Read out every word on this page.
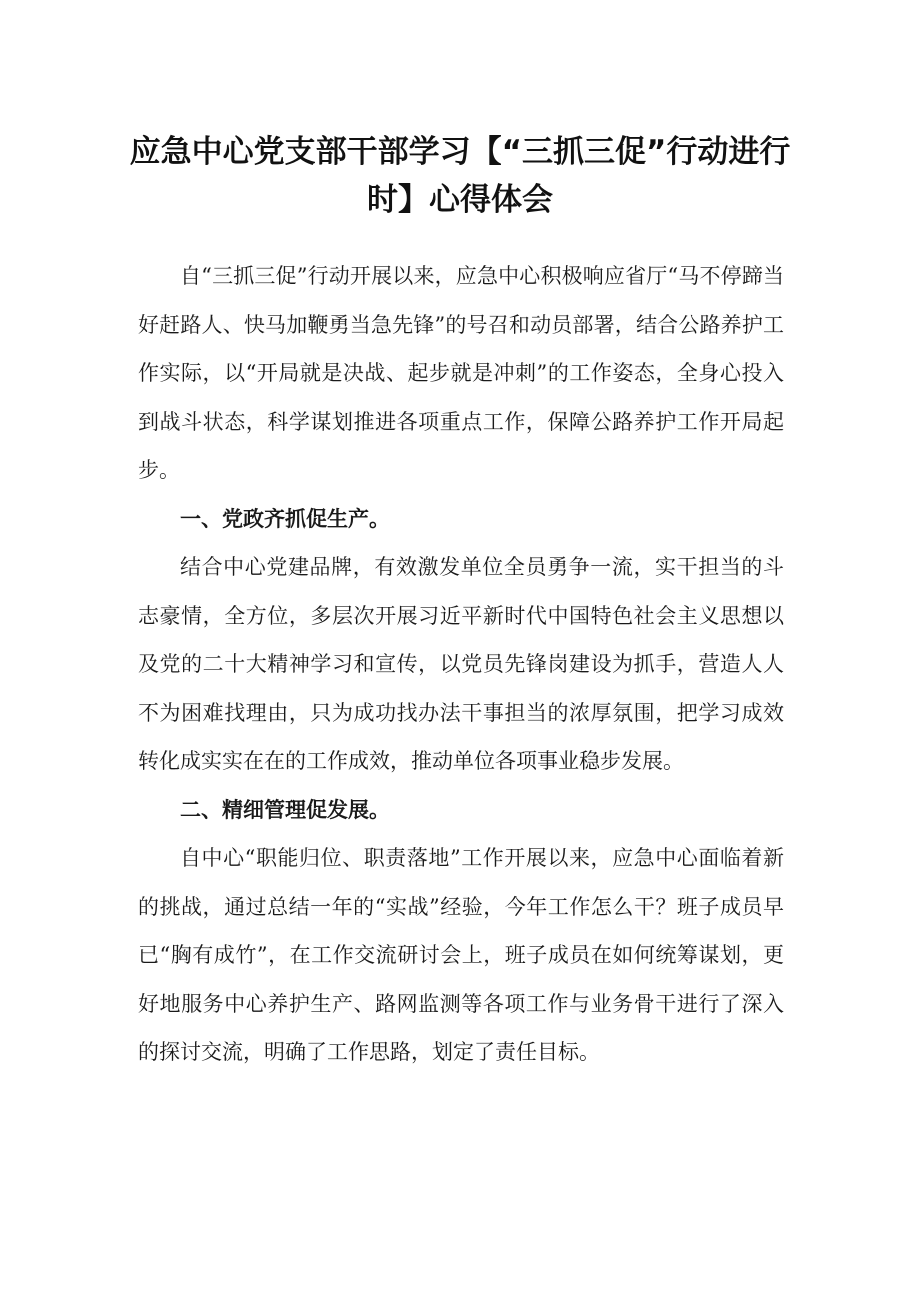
应急中心党支部干部学习【“三抓三促”行动进行时】心得体会

自“三抓三促”行动开展以来，应急中心积极响应省厅“马不停蹄当好赶路人、快马加鞭勇当急先锋”的号召和动员部署，结合公路养护工作实际，以“开局就是决战、起步就是冲刺”的工作姿态，全身心投入到战斗状态，科学谋划推进各项重点工作，保障公路养护工作开局起步。

一、党政齐抓促生产。

结合中心党建品牌，有效激发单位全员勇争一流，实干担当的斗志豪情，全方位，多层次开展习近平新时代中国特色社会主义思想以及党的二十大精神学习和宣传，以党员先锋岗建设为抓手，营造人人不为困难找理由，只为成功找办法干事担当的浓厚氛围，把学习成效转化成实实在在的工作成效，推动单位各项事业稳步发展。

二、精细管理促发展。

自中心“职能归位、职责落地”工作开展以来，应急中心面临着新的挑战，通过总结一年的“实战”经验，今年工作怎么干？班子成员早已“胸有成竹”，在工作交流研讨会上，班子成员在如何统筹谋划，更好地服务中心养护生产、路网监测等各项工作与业务骨干进行了深入的探讨交流，明确了工作思路，划定了责任目标。
